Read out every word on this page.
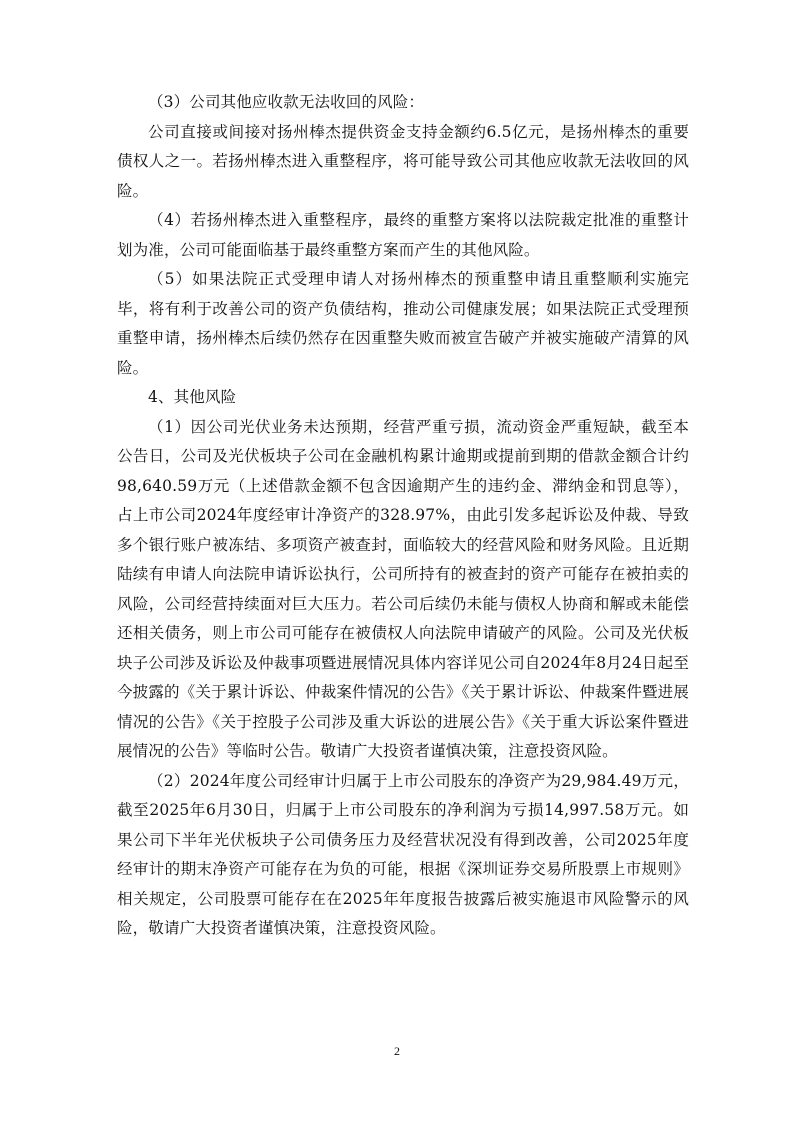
（3）公司其他应收款无法收回的风险：

公司直接或间接对扬州棒杰提供资金支持金额约6.5亿元，是扬州棒杰的重要债权人之一。若扬州棒杰进入重整程序，将可能导致公司其他应收款无法收回的风险。

（4）若扬州棒杰进入重整程序，最终的重整方案将以法院裁定批准的重整计划为准，公司可能面临基于最终重整方案而产生的其他风险。

（5）如果法院正式受理申请人对扬州棒杰的预重整申请且重整顺利实施完毕，将有利于改善公司的资产负债结构，推动公司健康发展；如果法院正式受理预重整申请，扬州棒杰后续仍然存在因重整失败而被宣告破产并被实施破产清算的风险。

4、其他风险

（1）因公司光伏业务未达预期，经营严重亏损，流动资金严重短缺，截至本公告日，公司及光伏板块子公司在金融机构累计逾期或提前到期的借款金额合计约98,640.59万元（上述借款金额不包含因逾期产生的违约金、滞纳金和罚息等），占上市公司2024年度经审计净资产的328.97%，由此引发多起诉讼及仲裁、导致多个银行账户被冻结、多项资产被查封，面临较大的经营风险和财务风险。且近期陆续有申请人向法院申请诉讼执行，公司所持有的被查封的资产可能存在被拍卖的风险，公司经营持续面对巨大压力。若公司后续仍未能与债权人协商和解或未能偿还相关债务，则上市公司可能存在被债权人向法院申请破产的风险。公司及光伏板块子公司涉及诉讼及仲裁事项暨进展情况具体内容详见公司自2024年8月24日起至今披露的《关于累计诉讼、仲裁案件情况的公告》《关于累计诉讼、仲裁案件暨进展情况的公告》《关于控股子公司涉及重大诉讼的进展公告》《关于重大诉讼案件暨进展情况的公告》等临时公告。敬请广大投资者谨慎决策，注意投资风险。

（2）2024年度公司经审计归属于上市公司股东的净资产为29,984.49万元，截至2025年6月30日，归属于上市公司股东的净利润为亏损14,997.58万元。如果公司下半年光伏板块子公司债务压力及经营状况没有得到改善，公司2025年度经审计的期末净资产可能存在为负的可能，根据《深圳证券交易所股票上市规则》相关规定，公司股票可能存在在2025年年度报告披露后被实施退市风险警示的风险，敬请广大投资者谨慎决策，注意投资风险。

2
